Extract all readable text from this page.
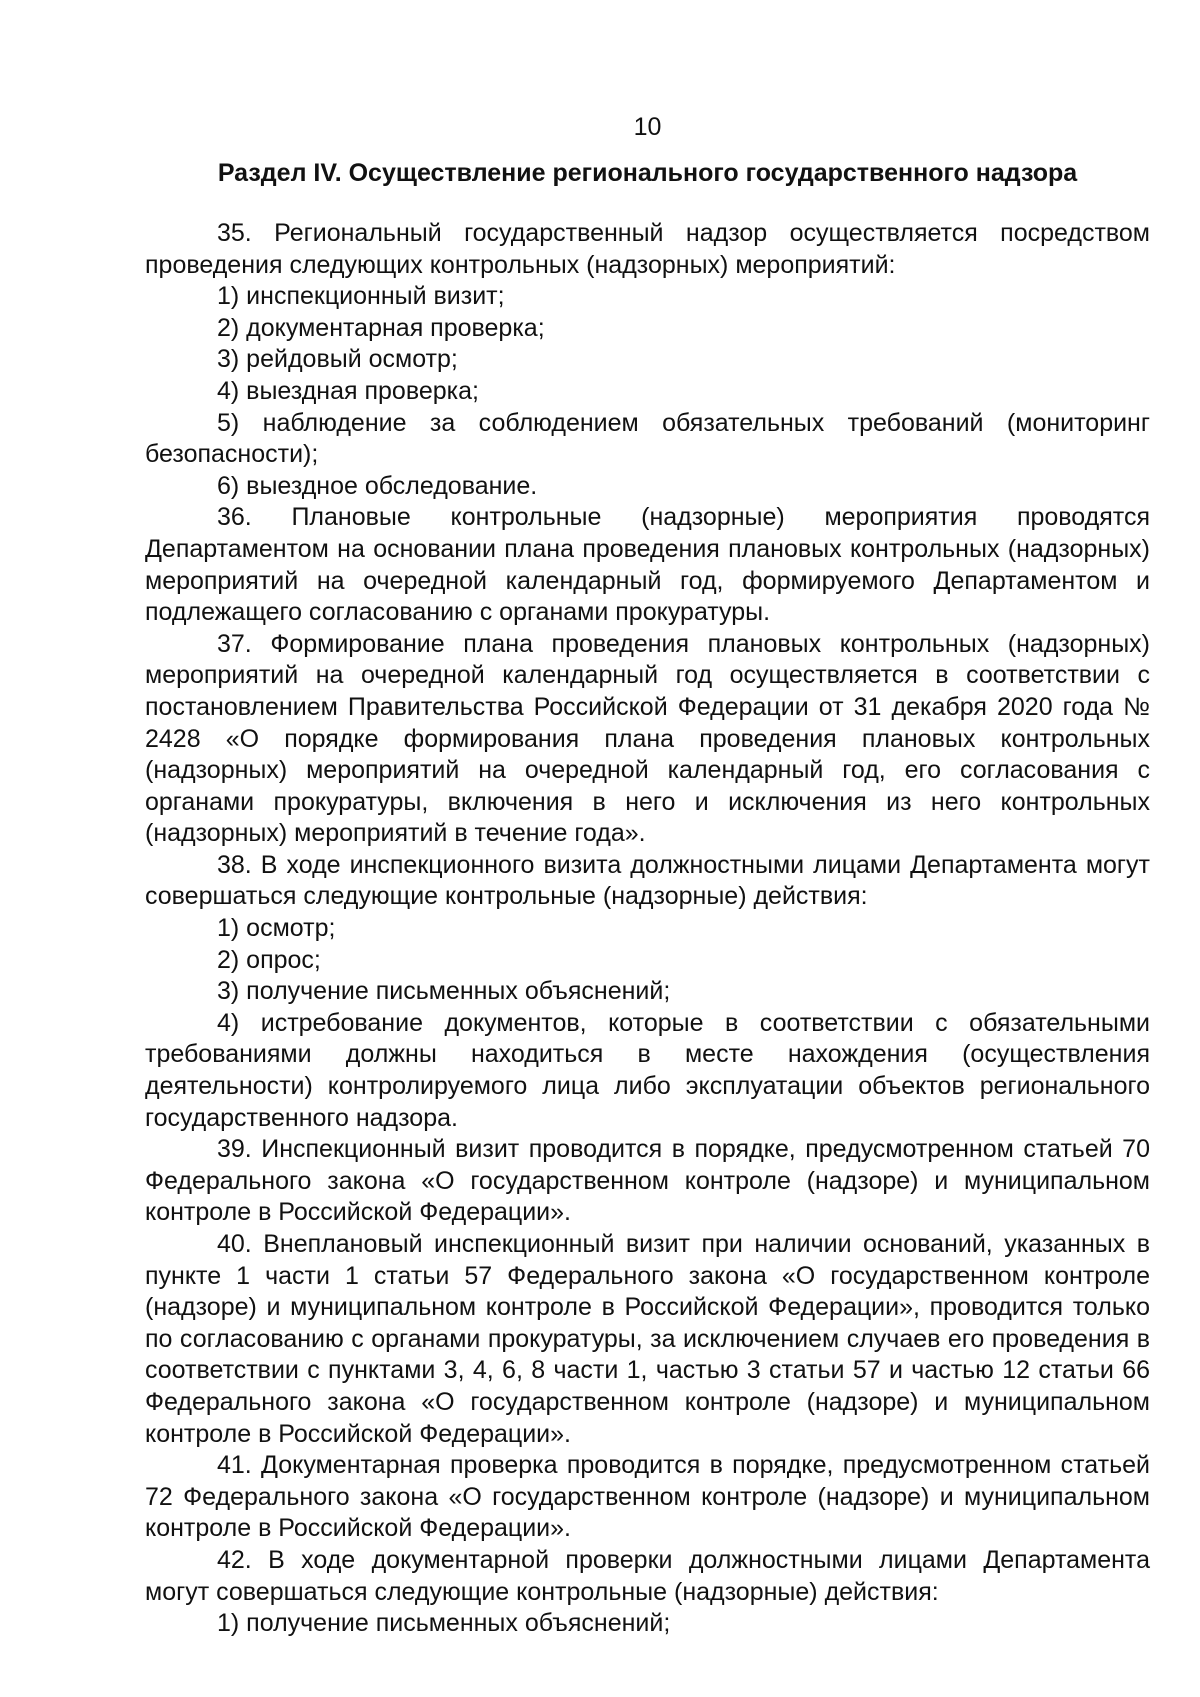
10
Раздел IV. Осуществление регионального государственного надзора

35. Региональный государственный надзор осуществляется посредством проведения следующих контрольных (надзорных) мероприятий:

1) инспекционный визит;

2) документарная проверка;

3) рейдовый осмотр;

4) выездная проверка;

5) наблюдение за соблюдением обязательных требований (мониторинг безопасности);

6) выездное обследование.

36. Плановые контрольные (надзорные) мероприятия проводятся Департаментом на основании плана проведения плановых контрольных (надзорных) мероприятий на очередной календарный год, формируемого Департаментом и подлежащего согласованию с органами прокуратуры.

37. Формирование плана проведения плановых контрольных (надзорных) мероприятий на очередной календарный год осуществляется в соответствии с постановлением Правительства Российской Федерации от 31 декабря 2020 года № 2428 «О порядке формирования плана проведения плановых контрольных (надзорных) мероприятий на очередной календарный год, его согласования с органами прокуратуры, включения в него и исключения из него контрольных (надзорных) мероприятий в течение года».

38. В ходе инспекционного визита должностными лицами Департамента могут совершаться следующие контрольные (надзорные) действия:

1) осмотр;

2) опрос;

3) получение письменных объяснений;

4) истребование документов, которые в соответствии с обязательными требованиями должны находиться в месте нахождения (осуществления деятельности) контролируемого лица либо эксплуатации объектов регионального государственного надзора.

39. Инспекционный визит проводится в порядке, предусмотренном статьей 70 Федерального закона «О государственном контроле (надзоре) и муниципальном контроле в Российской Федерации».

40. Внеплановый инспекционный визит при наличии оснований, указанных в пункте 1 части 1 статьи 57 Федерального закона «О государственном контроле (надзоре) и муниципальном контроле в Российской Федерации», проводится только по согласованию с органами прокуратуры, за исключением случаев его проведения в соответствии с пунктами 3, 4, 6, 8 части 1, частью 3 статьи 57 и частью 12 статьи 66 Федерального закона «О государственном контроле (надзоре) и муниципальном контроле в Российской Федерации».

41. Документарная проверка проводится в порядке, предусмотренном статьей 72 Федерального закона «О государственном контроле (надзоре) и муниципальном контроле в Российской Федерации».

42. В ходе документарной проверки должностными лицами Департамента могут совершаться следующие контрольные (надзорные) действия:

1) получение письменных объяснений;
